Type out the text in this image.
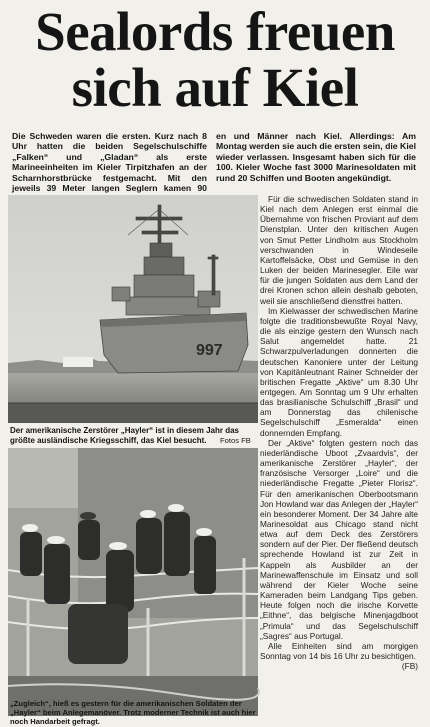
Sealords freuen
sich auf Kiel
Die Schweden waren die ersten. Kurz nach 8 Uhr hatten die beiden Segelschulschiffe „Falken“ und „Gladan“ als erste Marineeinheiten im Kieler Tirpitzhafen an der Scharnhorstbrücke festgemacht. Mit den jeweils 39 Meter langen Seglern kamen 90
en und Männer nach Kiel. Allerdings: Am Montag werden sie auch die ersten sein, die Kiel wieder verlassen. Insgesamt haben sich für die 100. Kieler Woche fast 3000 Marinesoldaten mit rund 20 Schiffen und Booten angekündigt.
997
Der amerikanische Zerstörer „Hayler“ ist in diesem Jahr das größte ausländische Kriegsschiff, das Kiel besucht.	Fotos FB
„Zugleich“, hieß es gestern für die amerikanischen Soldaten der „Hayler“ beim Anlegemanöver. Trotz moderner Technik ist auch hier noch Handarbeit gefragt.

Für die schwedischen Soldaten stand in Kiel nach dem Anlegen erst einmal die Übernahme von frischen Proviant auf dem Dienstplan. Unter den kritischen Augen von Smut Petter Lindholm aus Stockholm verschwanden in Windeseile Kartoffelsäcke, Obst und Gemüse in den Luken der beiden Marinesegler. Eile war für die jungen Soldaten aus dem Land der drei Kronen schon allein deshalb geboten, weil sie anschließend dienstfrei hatten.

Im Kielwasser der schwedischen Marine folgte die traditionsbewußte Royal Navy, die als einzige gestern den Wunsch nach Salut angemeldet hatte. 21 Schwarzpulverladungen donnerten die deutschen Kanoniere unter der Leitung von Kapitänleutnant Rainer Schneider der britischen Fregatte „Aktive“ um 8.30 Uhr entgegen. Am Sonntag um 9 Uhr erhalten das brasilianische Schulschiff „Brasil“ und am Donnerstag das chilenische Segelschulschiff „Esmeralda“ einen donnernden Empfang.

Der „Aktive“ folgten gestern noch das niederländische Uboot „Zvaardvis“, der amerikanische Zerstörer „Hayler“, der französische Versorger „Loire“ und die niederländische Fregatte „Pieter Florisz“. Für den amerikanischen Oberbootsmann Jon Howland war das Anlegen der „Hayler“ ein besonderer Moment. Der 34 Jahre alte Marinesoldat aus Chicago stand nicht etwa auf dem Deck des Zerstörers sondern auf der Pier. Der fließend deutsch sprechende Howland ist zur Zeit in Kappeln als Ausbilder an der Marinewaffenschule im Einsatz und soll während der Kieler Woche seine Kameraden beim Landgang Tips geben. Heute folgen noch die irische Korvette „Eithne“, das belgische Minenjagdboot „Primula“ und das Segelschulschiff „Sagres“ aus Portugal.

Alle Einheiten sind am morgigen Sonntag von 14 bis 16 Uhr zu besichtigen.
(FB)
